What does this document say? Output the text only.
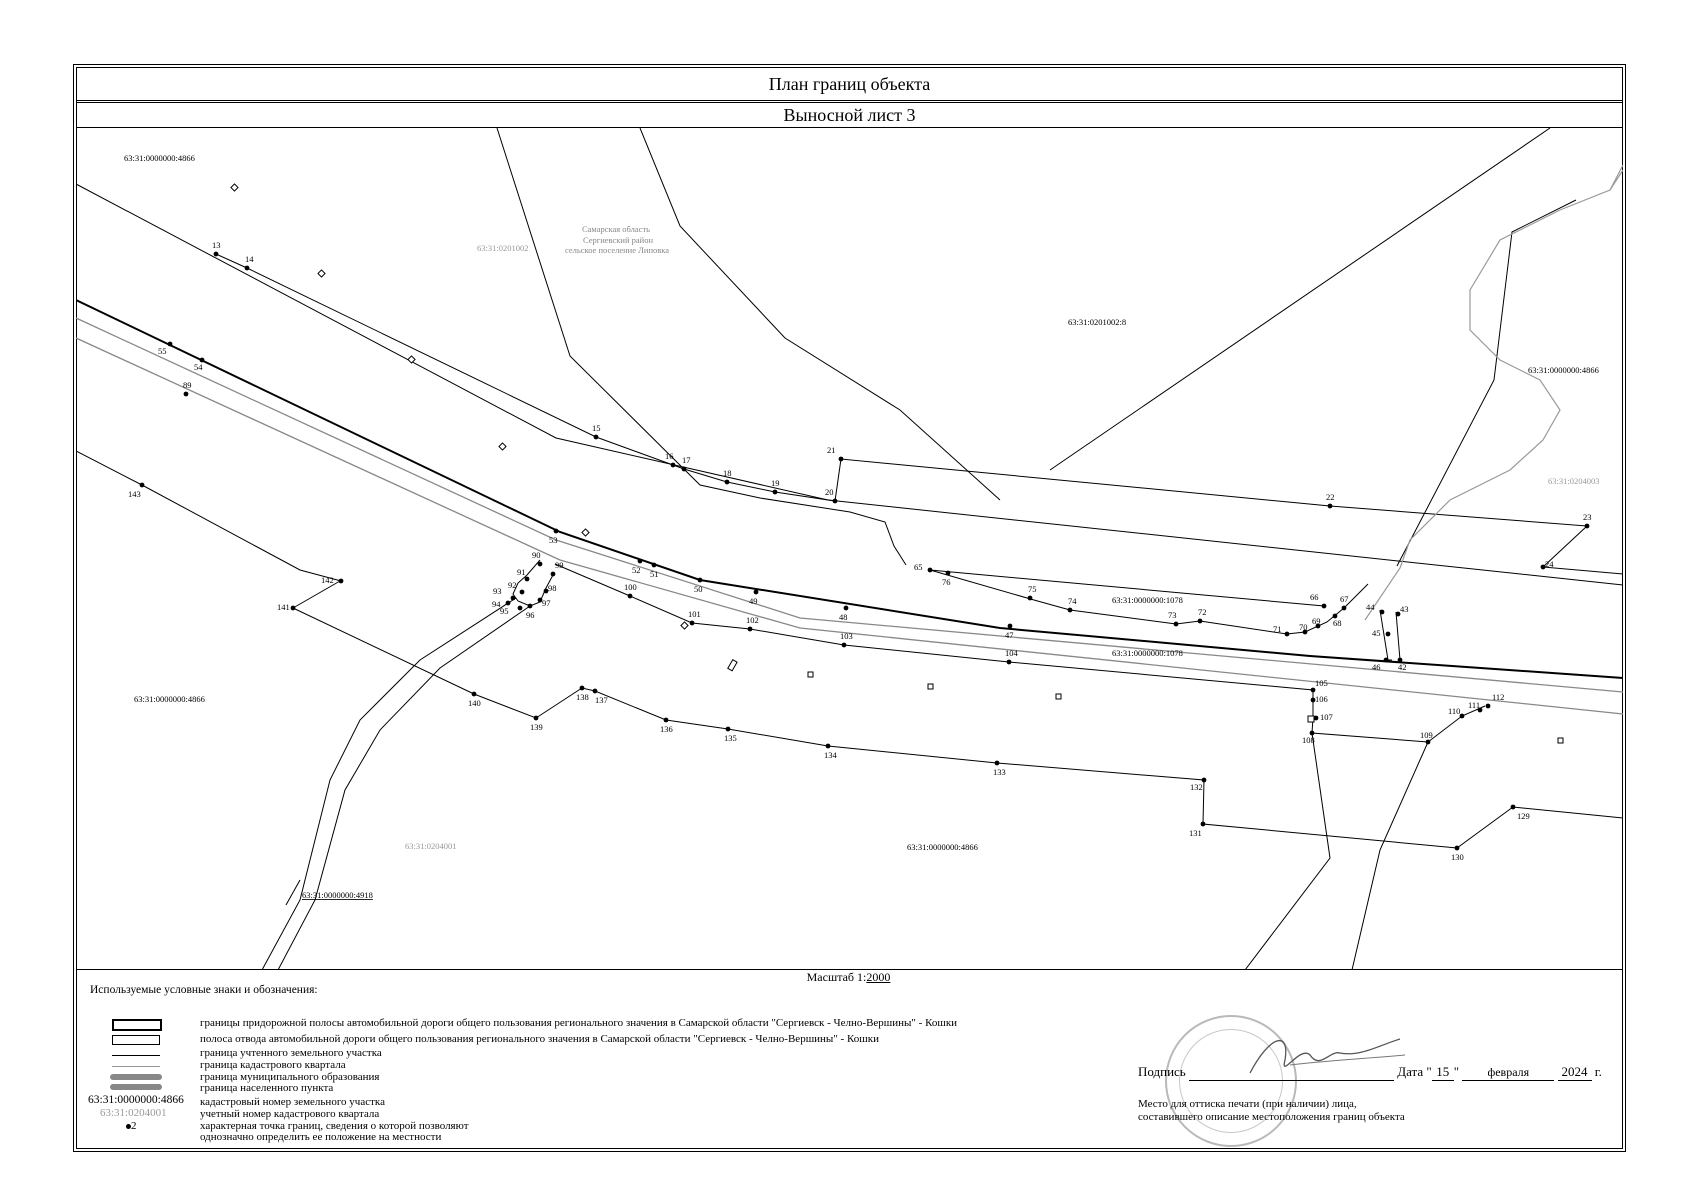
План границ объекта
Выносной лист 3
63:31:0000000:4866
63:31:0000000:4866
63:31:0000000:4866
63:31:0000000:4866
63:31:0201002:8
63:31:0000000:1078
63:31:0000000:1078
63:31:0000000:4918
63:31:0201002
63:31:0204001
63:31:0204003
Самарская область
Сергиевский район
сельское поселение Липовка
13
14
55
54
89
143
15
16 17
18
19
20
21
22
23
24
53
52 51
50
49
48
47
65
76
75
74
73	72
71 70
69 68
67
66
44	43
45
46 42
90
91
92
93
94
95 96
97
98
99
100
101
102
103
104
105
106
107
108	109
110
111
112
142
141
140
139
138 137
136
135
134
133
132
131
130
129
Масштаб 1:2000
Используемые условные знаки и обозначения:
63:31:0000000:4866
63:31:0204001
2
границы придорожной полосы автомобильной дороги общего пользования регионального значения в Самарской области "Сергиевск - Челно-Вершины" - Кошки
полоса отвода автомобильной дороги общего пользования регионального значения в Самарской области "Сергиевск - Челно-Вершины" - Кошки
граница учтенного земельного участка
граница кадастрового квартала
граница муниципального образования
граница населенного пункта
кадастровый номер земельного участка
учетный номер кадастрового квартала
характерная точка границ, сведения о которой позволяют
однозначно определить ее положение на местности
Подпись	Дата " 15 " февраля 2024 г.
Место для оттиска печати (при наличии) лица,
составившего описание местоположения границ объекта
